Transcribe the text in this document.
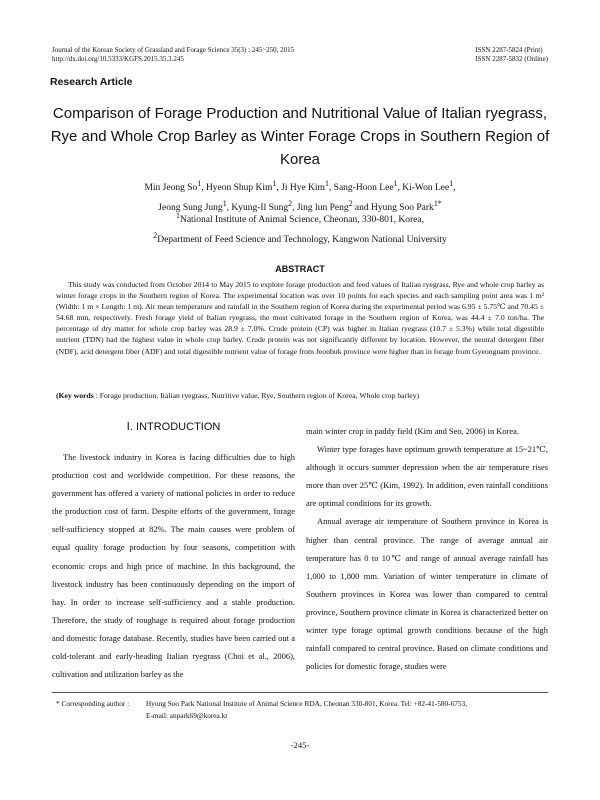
Journal of the Korean Society of Grassland and Forage Science 35(3) : 245~250, 2015
http://dx.doi.org/10.5333/KGFS.2015.35.3.245
ISSN 2287-5824 (Print)
ISSN 2287-5832 (Online)
Research Article
Comparison of Forage Production and Nutritional Value of Italian ryegrass, Rye and Whole Crop Barley as Winter Forage Crops in Southern Region of Korea
Min Jeong So$^1$, Hyeon Shup Kim$^1$, Ji Hye Kim$^1$, Sang-Hoon Lee$^1$, Ki-Won Lee$^1$,
Jeong Sung Jung$^1$, Kyung-Il Sung$^2$, Jing lun Peng$^2$ and Hyung Soo Park$^{1*}$
$^1$National Institute of Animal Science, Cheonan, 330-801, Korea,
$^2$Department of Feed Science and Technology, Kangwon National University
ABSTRACT
This study was conducted from October 2014 to May 2015 to explore forage production and feed values of Italian ryegrass, Rye and whole crop barley as winter forage crops in the Southern region of Korea. The experimental location was over 10 points for each species and each sampling point area was 1 m² (Width: 1 m × Length: 1 m). Air mean temperature and rainfall in the Southern region of Korea during the experimental period was 6.95 ± 5.75℃ and 70.45 ± 54.68 mm, respectively. Fresh forage yield of Italian ryegrass, the most cultivated forage in the Southern region of Korea, was 44.4 ± 7.0 ton/ha. The percentage of dry matter for whole crop barley was 28.9 ± 7.0%. Crude protein (CP) was higher in Italian ryegrass (10.7 ± 5.3%) while total digestible nutrient (TDN) had the highest value in whole crop barley. Crude protein was not significantly different by location. However, the neutral detergent fiber (NDF), acid detergent fiber (ADF) and total digestible nutrient value of forage from Jeonbuk province were higher than in forage from Gyeongnam province.
(Key words : Forage production, Italian ryegrass, Nutritive value, Rye, Southern region of Korea, Whole crop barley)
Ⅰ. INTRODUCTION

The livestock industry in Korea is facing difficulties due to high production cost and worldwide competition. For these reasons, the government has offered a variety of national policies in order to reduce the production cost of farm. Despite efforts of the government, forage self-sufficiency stopped at 82%. The main causes were problem of equal quality forage production by four seasons, competition with economic crops and high price of machine. In this background, the livestock industry has been continuously depending on the import of hay. In order to increase self-sufficiency and a stable production. Therefore, the study of roughage is required about forage production and domestic forage database. Recently, studies have been carried out a cold-tolerant and early-heading Italian ryegrass (Choi et al., 2006), cultivation and utilization barley as the

main winter crop in paddy field (Kim and Seo, 2006) in Korea.

Winter type forages have optimum growth temperature at 15~21℃, although it occurs summer depression when the air temperature rises more than over 25℃ (Kim, 1992). In addition, even rainfall conditions are optimal conditions for its growth.

Annual average air temperature of Southern province in Korea is higher than central province. The range of average annual air temperature has 0 to 10℃ and range of annual average rainfall has 1,000 to 1,800 mm. Variation of winter temperature in climate of Southern provinces in Korea was lower than compared to central province, Southern province climate in Korea is characterized better on winter type forage optimal growth conditions because of the high rainfall compared to central province. Based on climate conditions and policies for domestic forage, studies were

* Corresponding author : Hyung Soo Park National Institute of Animal Science RDA, Cheonan 330-801, Korea. Tel: +82-41-580-6753,
E-mail: anpark69@korea.kr
-245-
